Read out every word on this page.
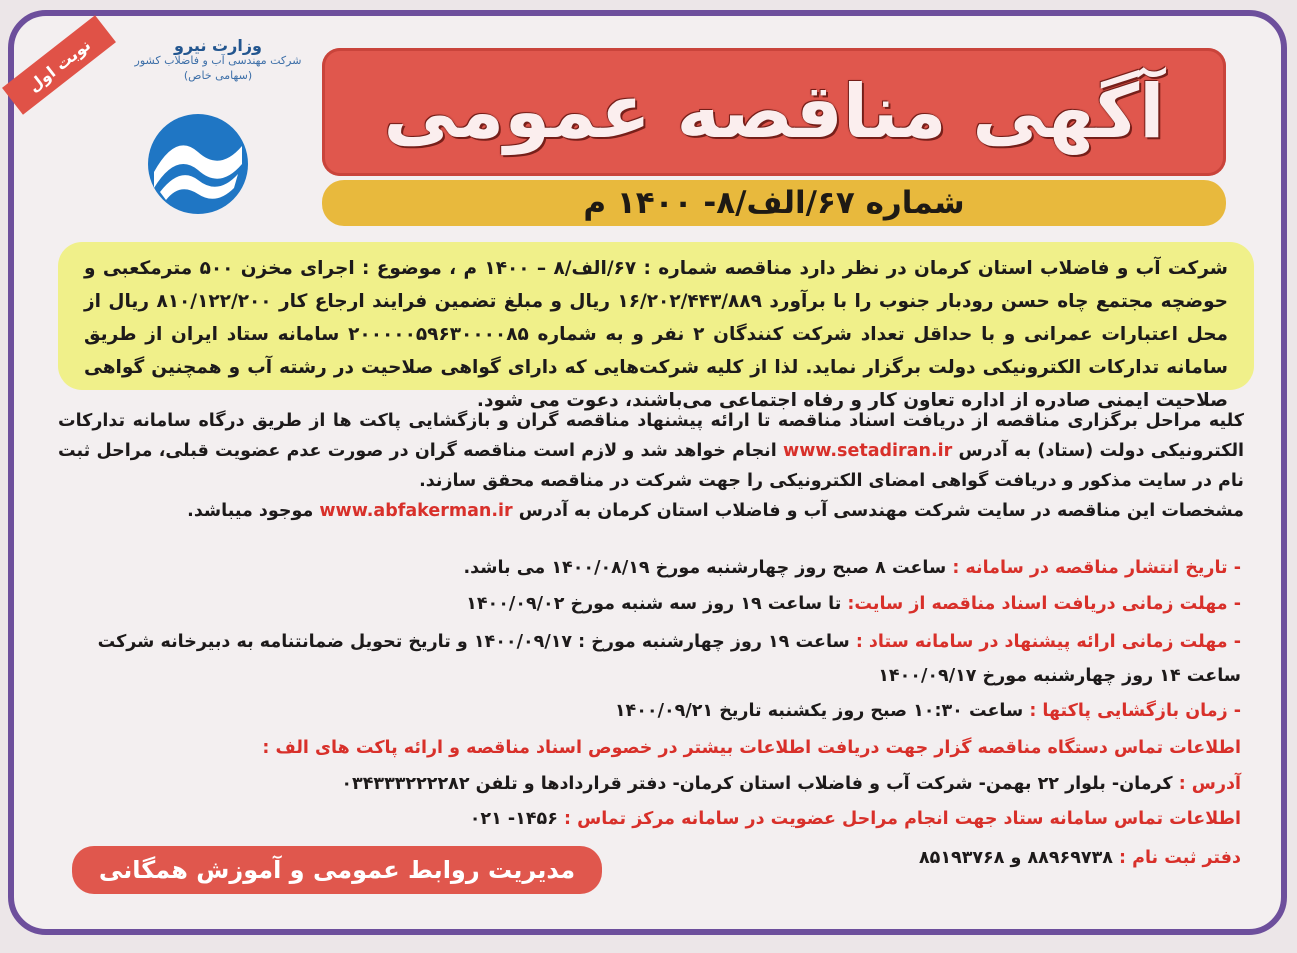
نوبت اول	وزارت نیرو
شرکت مهندسی آب و فاضلاب کشور
(سهامی خاص)	آگهی مناقصه عمومی
شماره ۶۷/الف/۸- ۱۴۰۰ م

شرکت آب و فاضلاب استان کرمان در نظر دارد مناقصه شماره : ۶۷/الف/۸ – ۱۴۰۰ م ، موضوع : اجرای مخزن ۵۰۰ مترمکعبی و حوضچه مجتمع چاه حسن رودبار جنوب را با برآورد ۱۶/۲۰۲/۴۴۳/۸۸۹ ریال و مبلغ تضمین فرایند ارجاع کار ۸۱۰/۱۲۲/۲۰۰ ریال از محل اعتبارات عمرانی و با حداقل تعداد شرکت کنندگان ۲ نفر و به شماره ۲۰۰۰۰۰۵۹۶۳۰۰۰۰۸۵ سامانه ستاد ایران از طریق سامانه تدارکات الکترونیکی دولت برگزار نماید. لذا از کلیه شرکت‌هایی که دارای گواهی صلاحیت در رشته آب و همچنین گواهی صلاحیت ایمنی صادره از اداره تعاون کار و رفاه اجتماعی می‌باشند، دعوت می شود.

کلیه مراحل برگزاری مناقصه از دریافت اسناد مناقصه تا ارائه پیشنهاد مناقصه گران و بازگشایی پاکت ها از طریق درگاه سامانه تدارکات الکترونیکی دولت (ستاد) به آدرس www.setadiran.ir انجام خواهد شد و لازم است مناقصه گران در صورت عدم عضویت قبلی، مراحل ثبت نام در سایت مذکور و دریافت گواهی امضای الکترونیکی را جهت شرکت در مناقصه محقق سازند.

مشخصات این مناقصه در سایت شرکت مهندسی آب و فاضلاب استان کرمان به آدرس www.abfakerman.ir موجود میباشد.

- تاریخ انتشار مناقصه در سامانه : ساعت ۸ صبح روز چهارشنبه مورخ ۱۴۰۰/۰۸/۱۹ می باشد.
- مهلت زمانی دریافت اسناد مناقصه از سایت: تا ساعت ۱۹ روز سه شنبه مورخ ۱۴۰۰/۰۹/۰۲
- مهلت زمانی ارائه پیشنهاد در سامانه ستاد : ساعت ۱۹ روز چهارشنبه مورخ : ۱۴۰۰/۰۹/۱۷ و تاریخ تحویل ضمانتنامه به دبیرخانه شرکت
ساعت ۱۴ روز چهارشنبه مورخ ۱۴۰۰/۰۹/۱۷
- زمان بازگشایی پاکتها : ساعت ۱۰:۳۰ صبح روز یکشنبه تاریخ ۱۴۰۰/۰۹/۲۱
اطلاعات تماس دستگاه مناقصه گزار جهت دریافت اطلاعات بیشتر در خصوص اسناد مناقصه و ارائه پاکت های الف :
آدرس : کرمان- بلوار ۲۲ بهمن- شرکت آب و فاضلاب استان کرمان- دفتر قراردادها و تلفن ۰۳۴۳۳۳۲۲۲۲۸۲
اطلاعات تماس سامانه ستاد جهت انجام مراحل عضویت در سامانه مرکز تماس : ۱۴۵۶- ۰۲۱
دفتر ثبت نام : ۸۸۹۶۹۷۳۸ و ۸۵۱۹۳۷۶۸
مدیریت روابط عمومی و آموزش همگانی
